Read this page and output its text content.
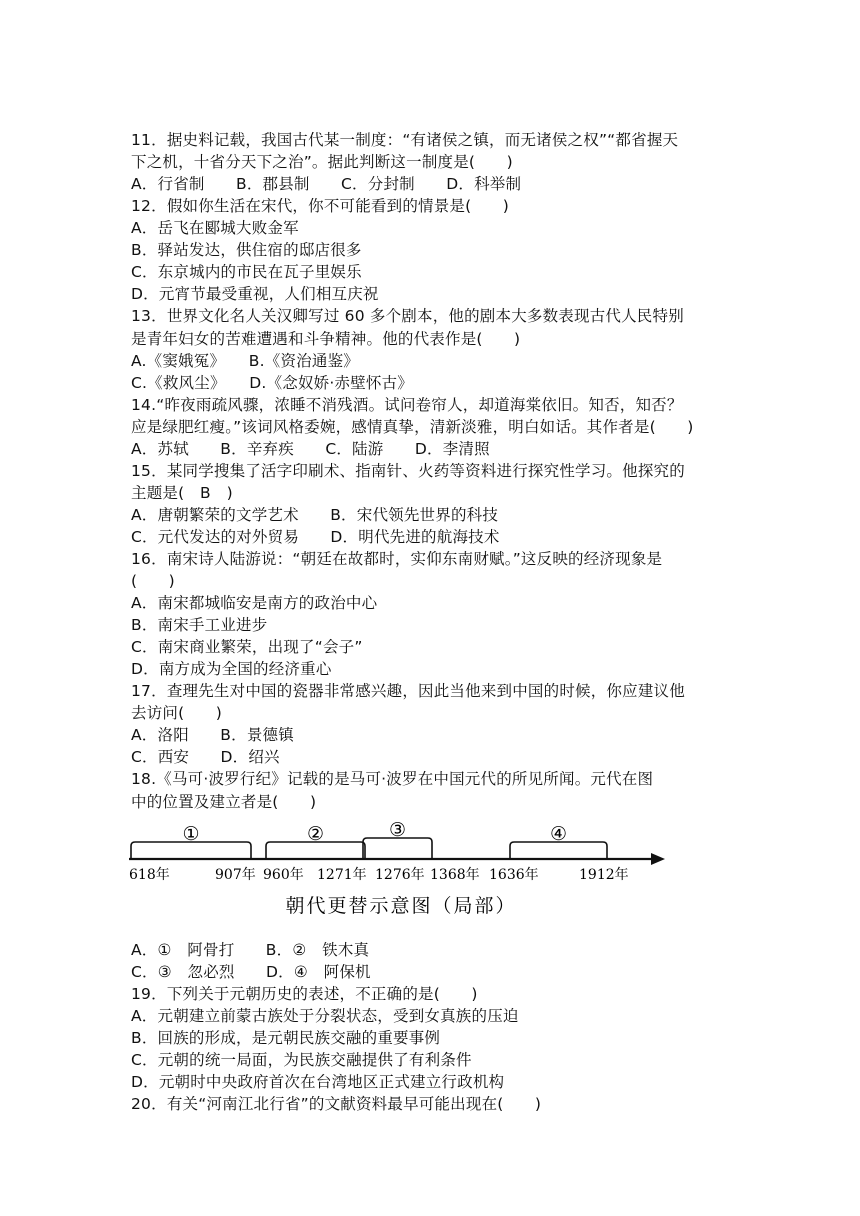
11．据史料记载，我国古代某一制度：“有诸侯之镇，而无诸侯之权”“都省握天
下之机，十省分天下之治”。据此判断这一制度是(　　)
A．行省制　　B．郡县制　　C．分封制　　D．科举制
12．假如你生活在宋代，你不可能看到的情景是(　　)
A．岳飞在郾城大败金军
B．驿站发达，供住宿的邸店很多
C．东京城内的市民在瓦子里娱乐
D．元宵节最受重视，人们相互庆祝
13．世界文化名人关汉卿写过 60 多个剧本，他的剧本大多数表现古代人民特别
是青年妇女的苦难遭遇和斗争精神。他的代表作是(　　)
A.《窦娥冤》　　B.《资治通鉴》
C.《救风尘》　　D.《念奴娇·赤壁怀古》
14.“昨夜雨疏风骤，浓睡不消残酒。试问卷帘人，却道海棠依旧。知否，知否？
应是绿肥红瘦。”该词风格委婉，感情真挚，清新淡雅，明白如话。其作者是(　　)
A．苏轼　　B．辛弃疾　　C．陆游　　D．李清照
15．某同学搜集了活字印刷术、指南针、火药等资料进行探究性学习。他探究的
主题是(　B　)
A．唐朝繁荣的文学艺术　　B．宋代领先世界的科技
C．元代发达的对外贸易　　D．明代先进的航海技术
16．南宋诗人陆游说：“朝廷在故都时，实仰东南财赋。”这反映的经济现象是
(　　)
A．南宋都城临安是南方的政治中心
B．南宋手工业进步
C．南宋商业繁荣，出现了“会子”
D．南方成为全国的经济重心
17．查理先生对中国的瓷器非常感兴趣，因此当他来到中国的时候，你应建议他
去访问(　　)
A．洛阳　　B．景德镇
C．西安　　D．绍兴
18.《马可·波罗行纪》记载的是马可·波罗在中国元代的所见所闻。元代在图
中的位置及建立者是(　　)
①	②	③	④
618年	907年 960年 1271年 1276年 1368年 1636年	1912年
朝代更替示意图（局部）
A．①　阿骨打　　B．②　铁木真
C．③　忽必烈　　D．④　阿保机
19．下列关于元朝历史的表述，不正确的是(　　)
A．元朝建立前蒙古族处于分裂状态，受到女真族的压迫
B．回族的形成，是元朝民族交融的重要事例
C．元朝的统一局面，为民族交融提供了有利条件
D．元朝时中央政府首次在台湾地区正式建立行政机构
20．有关“河南江北行省”的文献资料最早可能出现在(　　)
